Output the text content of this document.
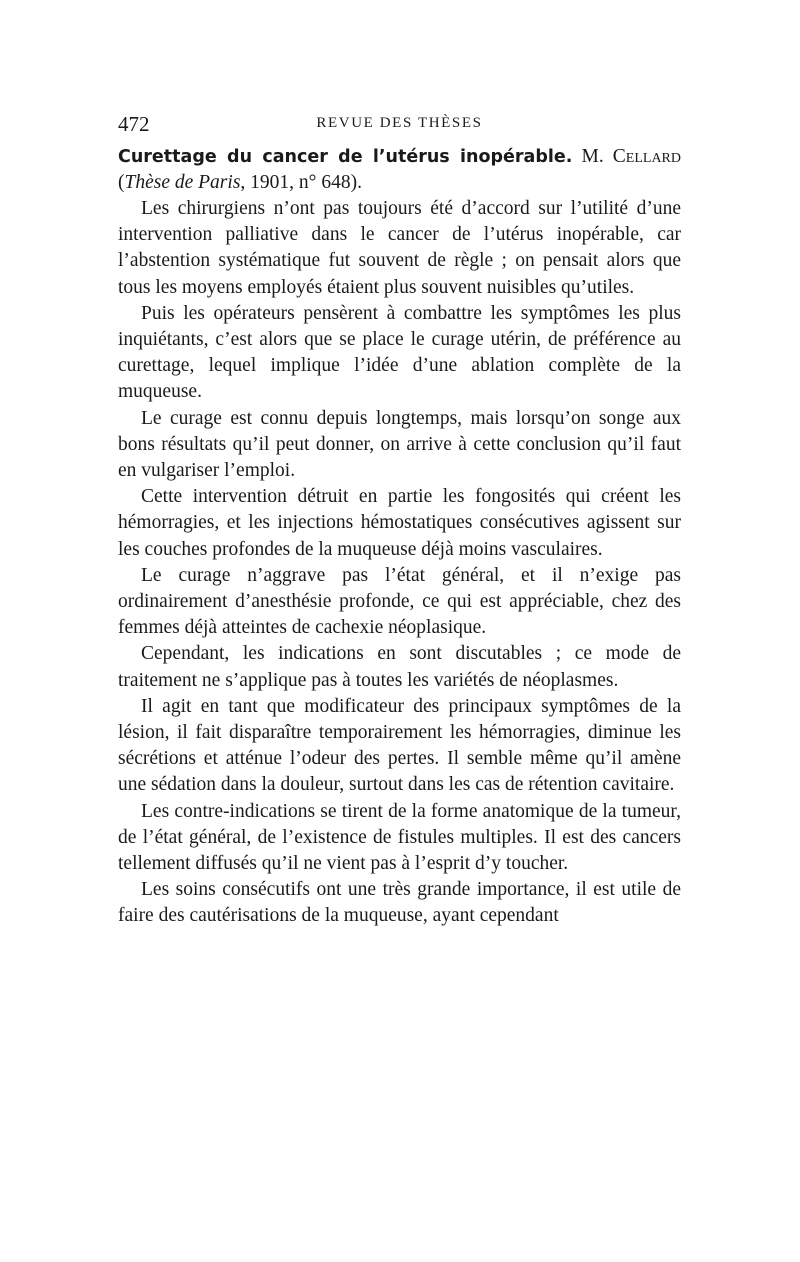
472	REVUE DES THÈSES
Curettage du cancer de l’utérus inopérable. M. Cellard (Thèse de Paris, 1901, n° 648).

Les chirurgiens n’ont pas toujours été d’accord sur l’utilité d’une intervention palliative dans le cancer de l’utérus inopérable, car l’abstention systématique fut souvent de règle ; on pensait alors que tous les moyens employés étaient plus souvent nuisibles qu’utiles.

Puis les opérateurs pensèrent à combattre les symptômes les plus inquiétants, c’est alors que se place le curage utérin, de préférence au curettage, lequel implique l’idée d’une ablation complète de la muqueuse.

Le curage est connu depuis longtemps, mais lorsqu’on songe aux bons résultats qu’il peut donner, on arrive à cette conclusion qu’il faut en vulgariser l’emploi.

Cette intervention détruit en partie les fongosités qui créent les hémorragies, et les injections hémostatiques consécutives agissent sur les couches profondes de la muqueuse déjà moins vasculaires.

Le curage n’aggrave pas l’état général, et il n’exige pas ordinairement d’anesthésie profonde, ce qui est appréciable, chez des femmes déjà atteintes de cachexie néoplasique.

Cependant, les indications en sont discutables ; ce mode de traitement ne s’applique pas à toutes les variétés de néoplasmes.

Il agit en tant que modificateur des principaux symptômes de la lésion, il fait disparaître temporairement les hémorragies, diminue les sécrétions et atténue l’odeur des pertes. Il semble même qu’il amène une sédation dans la douleur, surtout dans les cas de rétention cavitaire.

Les contre-indications se tirent de la forme anatomique de la tumeur, de l’état général, de l’existence de fistules multiples. Il est des cancers tellement diffusés qu’il ne vient pas à l’esprit d’y toucher.

Les soins consécutifs ont une très grande importance, il est utile de faire des cautérisations de la muqueuse, ayant cependant
